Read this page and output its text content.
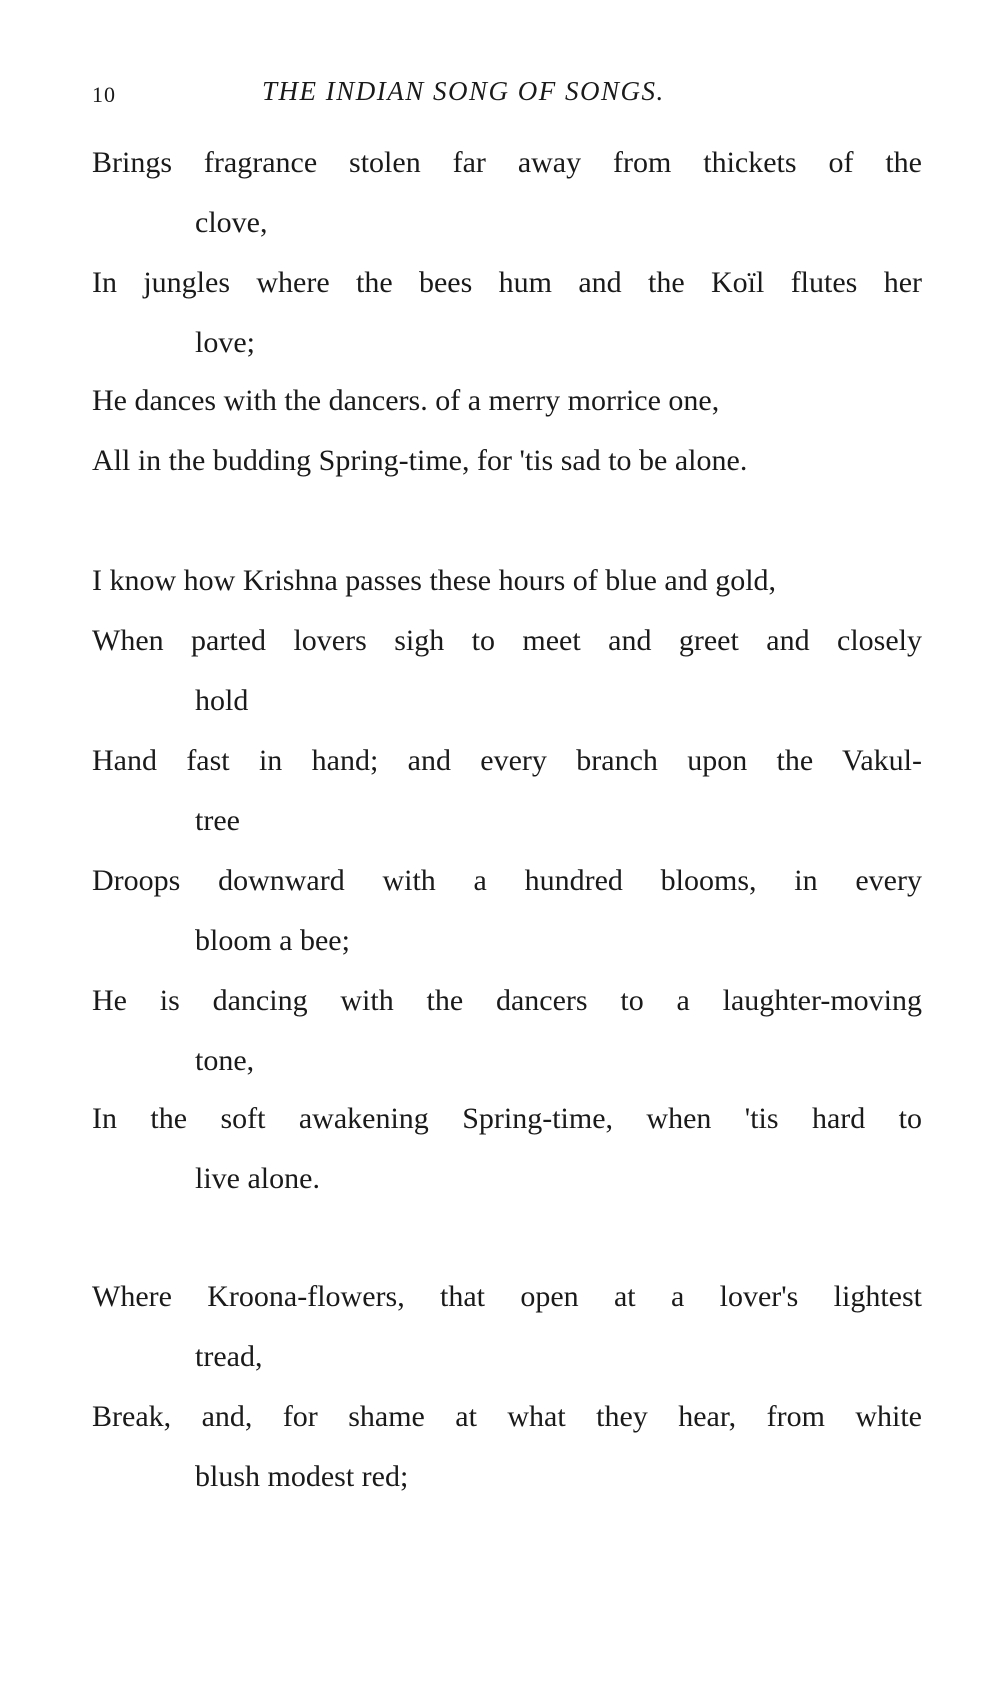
10	THE INDIAN SONG OF SONGS.
Brings fragrance stolen far away from thickets of the
clove,
In jungles where the bees hum and the Koïl flutes her
love;
He dances with the dancers. of a merry morrice one,
All in the budding Spring-time, for 'tis sad to be alone.
I know how Krishna passes these hours of blue and gold,
When parted lovers sigh to meet and greet and closely
hold
Hand fast in hand; and every branch upon the Vakul-
tree
Droops downward with a hundred blooms, in every
bloom a bee;
He is dancing with the dancers to a laughter-moving
tone,
In the soft awakening Spring-time, when 'tis hard to
live alone.
Where Kroona-flowers, that open at a lover's lightest
tread,
Break, and, for shame at what they hear, from white
blush modest red;
